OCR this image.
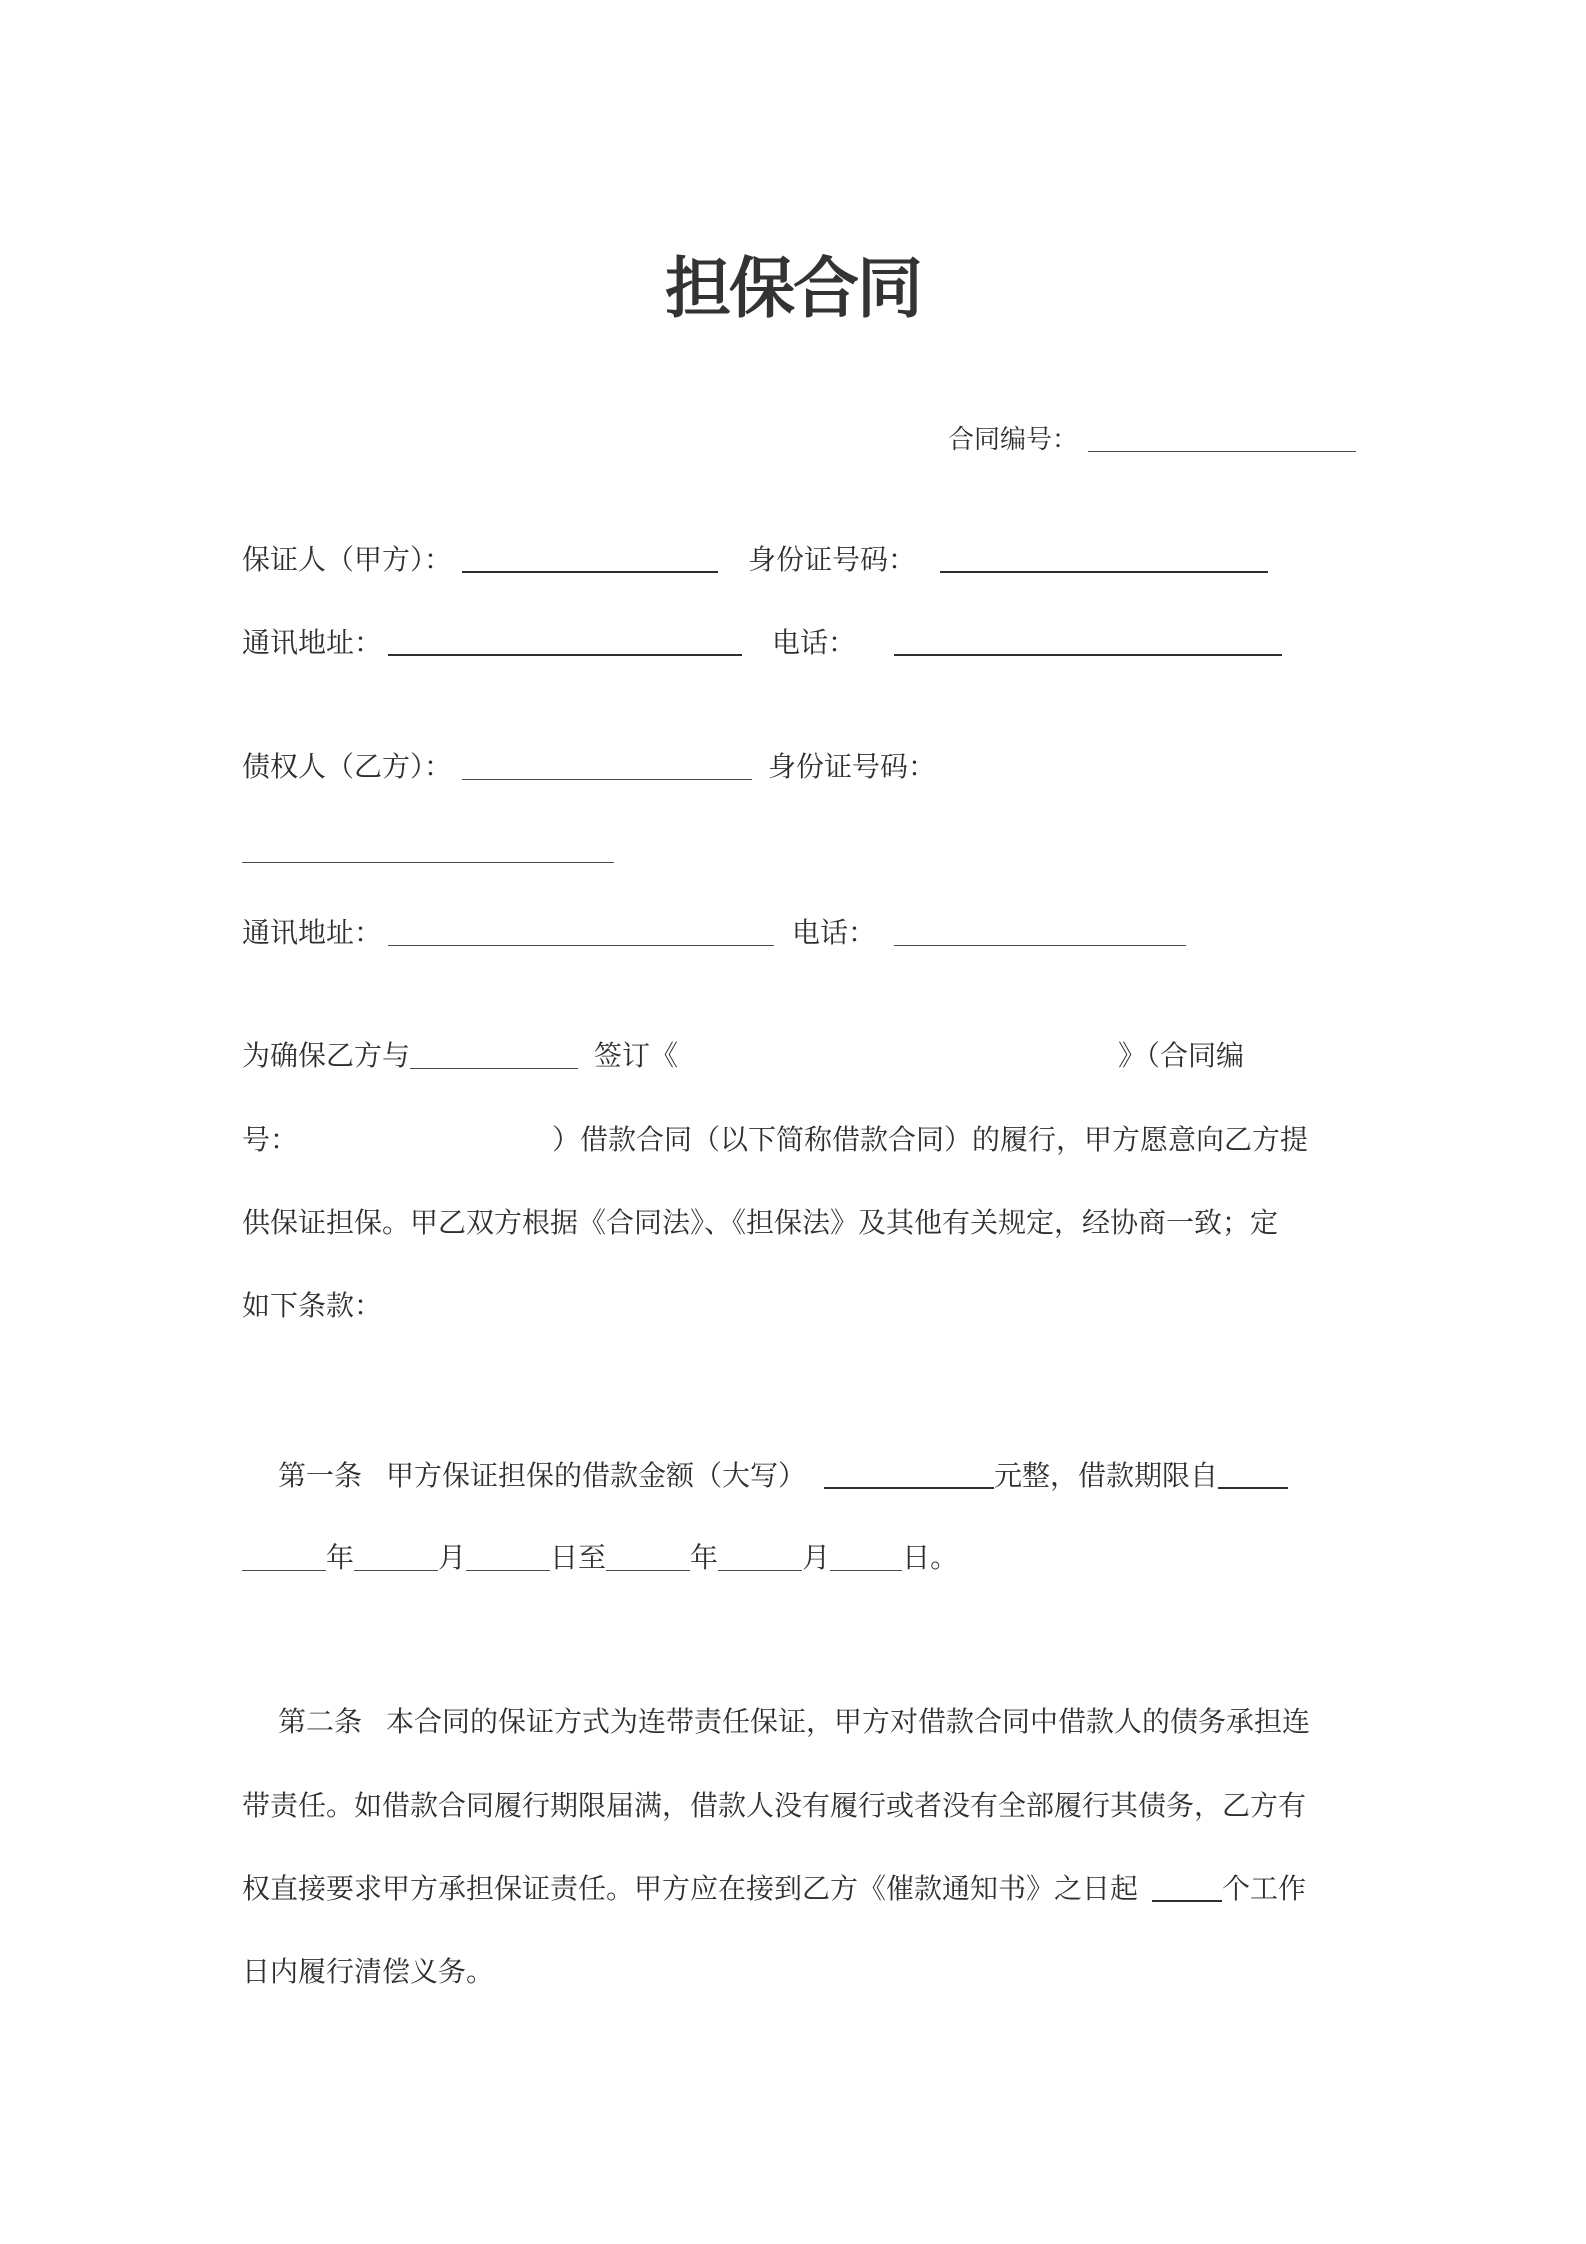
担保合同
合同编号：
保证人（甲方）：	身份证号码：
通讯地址：	电话：
债权人（乙方）：	身份证号码：
通讯地址：	电话：
为确保乙方与	签订《	》（合同编
号：	）借款合同（以下简称借款合同）的履行，甲方愿意向乙方提
供保证担保。甲乙双方根据《合同法》、《担保法》及其他有关规定，经协商一致；定
如下条款：
第一条 甲方保证担保的借款金额（大写）	元整，借款期限自
年	月	日至	年	月	日。
第二条 本合同的保证方式为连带责任保证，甲方对借款合同中借款人的债务承担连
带责任。如借款合同履行期限届满，借款人没有履行或者没有全部履行其债务，乙方有
权直接要求甲方承担保证责任。甲方应在接到乙方《催款通知书》之日起	个工作
日内履行清偿义务。
